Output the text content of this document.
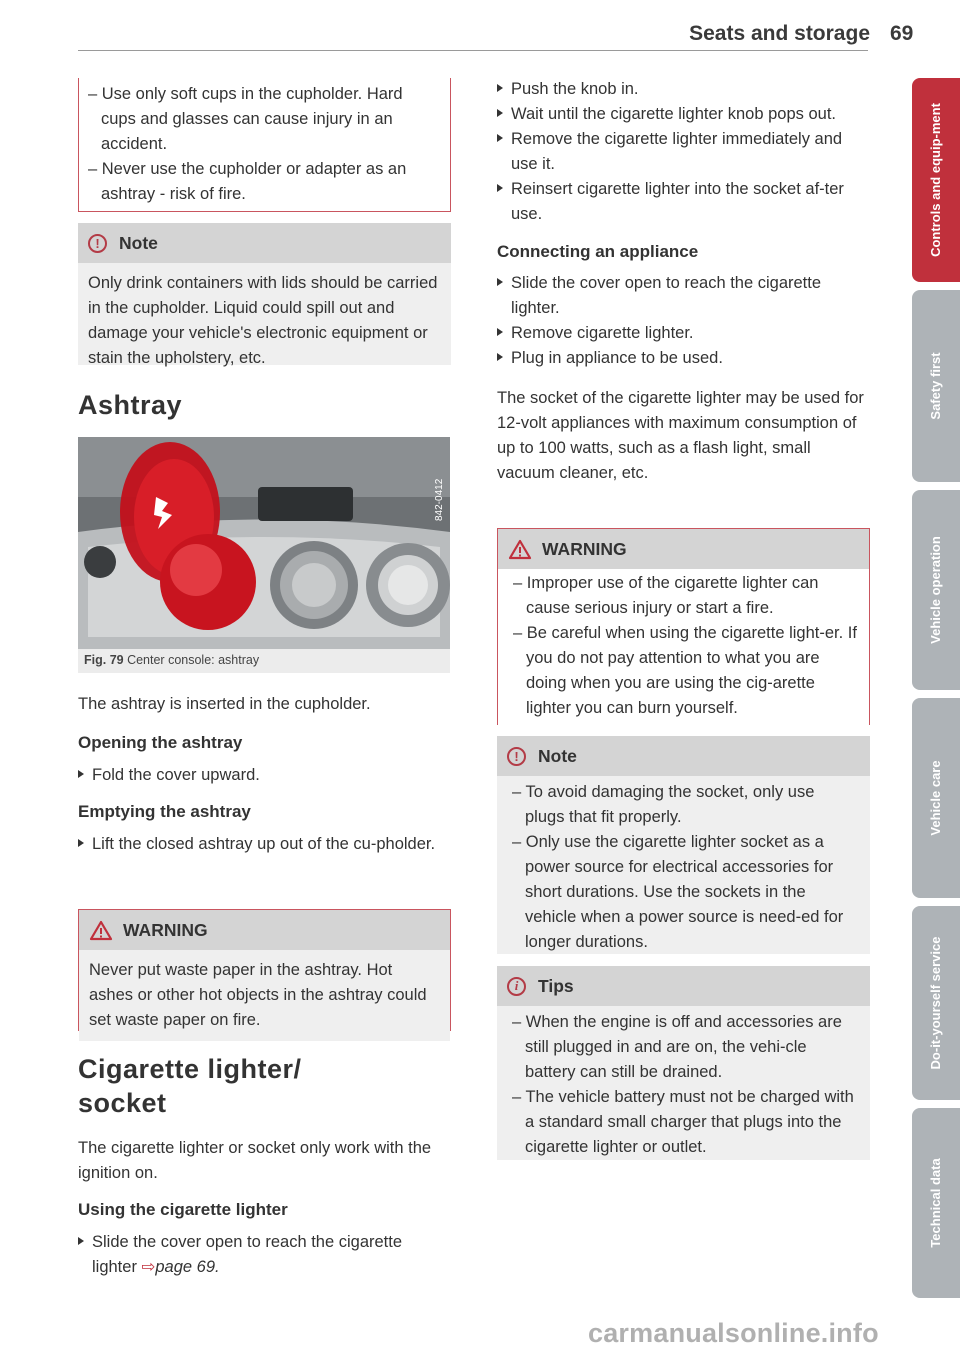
Seats and storage 69

– Use only soft cups in the cupholder. Hard cups and glasses can cause injury in an accident.

– Never use the cupholder or adapter as an ashtray - risk of fire.

!	Note

Only drink containers with lids should be carried in the cupholder. Liquid could spill out and damage your vehicle's electronic equipment or stain the upholstery, etc.

Ashtray
842-0412
Fig. 79 Center console: ashtray

The ashtray is inserted in the cupholder.

Opening the ashtray

Fold the cover upward.

Emptying the ashtray

Lift the closed ashtray up out of the cu-pholder.

WARNING

Never put waste paper in the ashtray. Hot ashes or other hot objects in the ashtray could set waste paper on fire.

Cigarette lighter/
socket

The cigarette lighter or socket only work with the ignition on.

Using the cigarette lighter

Slide the cover open to reach the cigarette lighter ⇨page 69.

Push the knob in.

Wait until the cigarette lighter knob pops out.

Remove the cigarette lighter immediately and use it.

Reinsert cigarette lighter into the socket af-ter use.

Connecting an appliance

Slide the cover open to reach the cigarette lighter.

Remove cigarette lighter.

Plug in appliance to be used.

The socket of the cigarette lighter may be used for 12-volt appliances with maximum consumption of up to 100 watts, such as a flash light, small vacuum cleaner, etc.

WARNING

– Improper use of the cigarette lighter can cause serious injury or start a fire.

– Be careful when using the cigarette light-er. If you do not pay attention to what you are doing when you are using the cig-arette lighter you can burn yourself.

!	Note

– To avoid damaging the socket, only use plugs that fit properly.

– Only use the cigarette lighter socket as a power source for electrical accessories for short durations. Use the sockets in the vehicle when a power source is need-ed for longer durations.

i	Tips

– When the engine is off and accessories are still plugged in and are on, the vehi-cle battery can still be drained.

– The vehicle battery must not be charged with a standard small charger that plugs into the cigarette lighter or outlet.

Controls and equip-ment
Safety first
Vehicle operation
Vehicle care
Do-it-yourself service
Technical data
carmanualsonline.info
